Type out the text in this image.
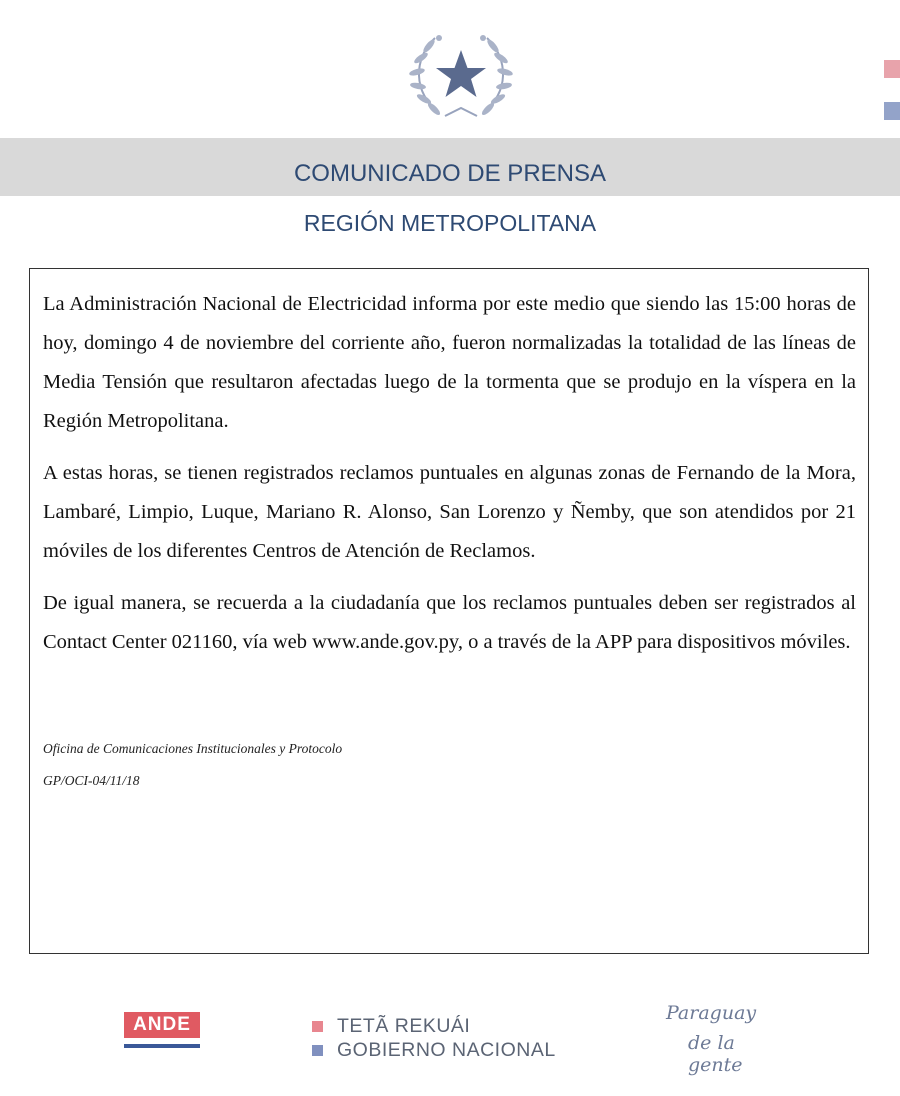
COMUNICADO DE PRENSA
REGIÓN METROPOLITANA

La Administración Nacional de Electricidad informa por este medio que siendo las 15:00 horas de hoy, domingo 4 de noviembre del corriente año, fueron normalizadas la totalidad de las líneas de Media Tensión que resultaron afectadas luego de la tormenta que se produjo en la víspera en la Región Metropolitana.

A estas horas, se tienen registrados reclamos puntuales en algunas zonas de Fernando de la Mora, Lambaré, Limpio, Luque, Mariano R. Alonso, San Lorenzo y Ñemby, que son atendidos por 21 móviles de los diferentes Centros de Atención de Reclamos.

De igual manera, se recuerda a la ciudadanía que los reclamos puntuales deben ser registrados al Contact Center 021160, vía web www.ande.gov.py, o a través de la APP para dispositivos móviles.

Oficina de Comunicaciones Institucionales y Protocolo

GP/OCI-04/11/18

ANDE	TETÃ REKUÁI
GOBIERNO NACIONAL
Paraguay
de la gente
